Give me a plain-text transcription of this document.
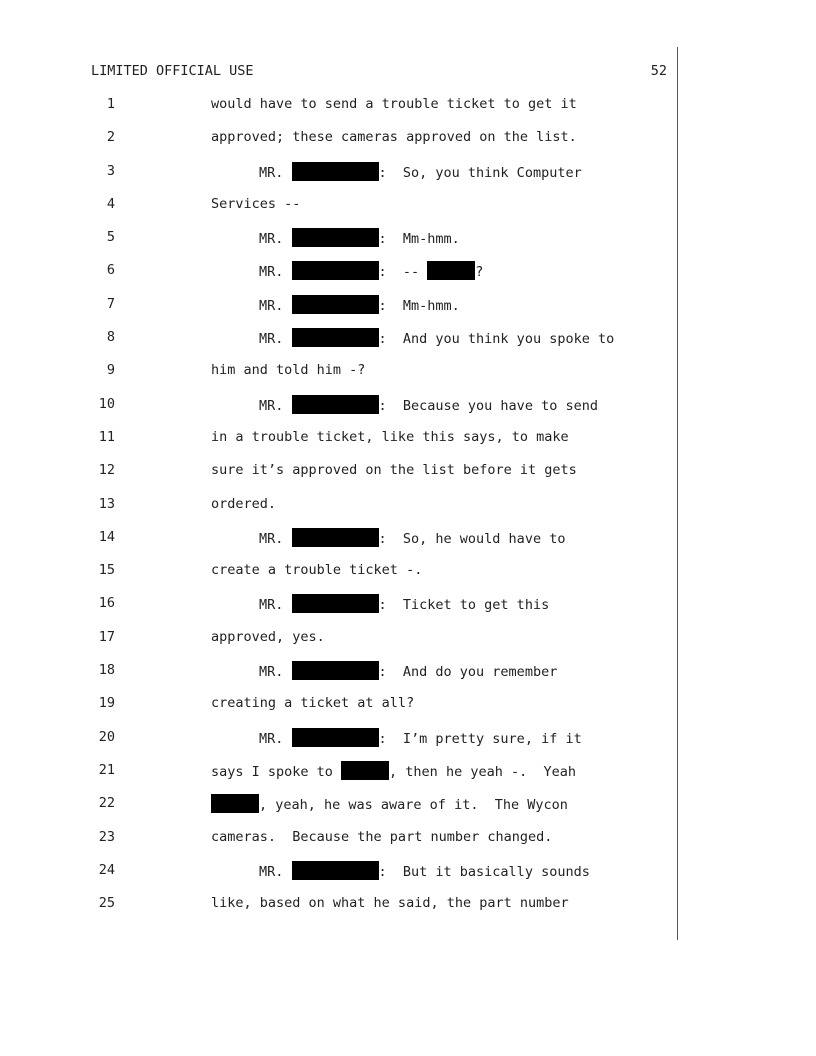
LIMITED OFFICIAL USE	52
1	would have to send a trouble ticket to get it
2	approved; these cameras approved on the list.
3	MR.	:  So, you think Computer
4	Services --
5	MR.	:  Mm-hmm.
6	MR.	:  --	?
7	MR.	:  Mm-hmm.
8	MR.	:  And you think you spoke to
9	him and told him -?
10	MR.	:  Because you have to send
11	in a trouble ticket, like this says, to make
12	sure it’s approved on the list before it gets
13	ordered.
14	MR.	:  So, he would have to
15	create a trouble ticket -.
16	MR.	:  Ticket to get this
17	approved, yes.
18	MR.	:  And do you remember
19	creating a ticket at all?
20	MR.	:  I’m pretty sure, if it
21	says I spoke to	, then he yeah -.  Yeah
22	, yeah, he was aware of it.  The Wycon
23	cameras.  Because the part number changed.
24	MR.	:  But it basically sounds
25	like, based on what he said, the part number
